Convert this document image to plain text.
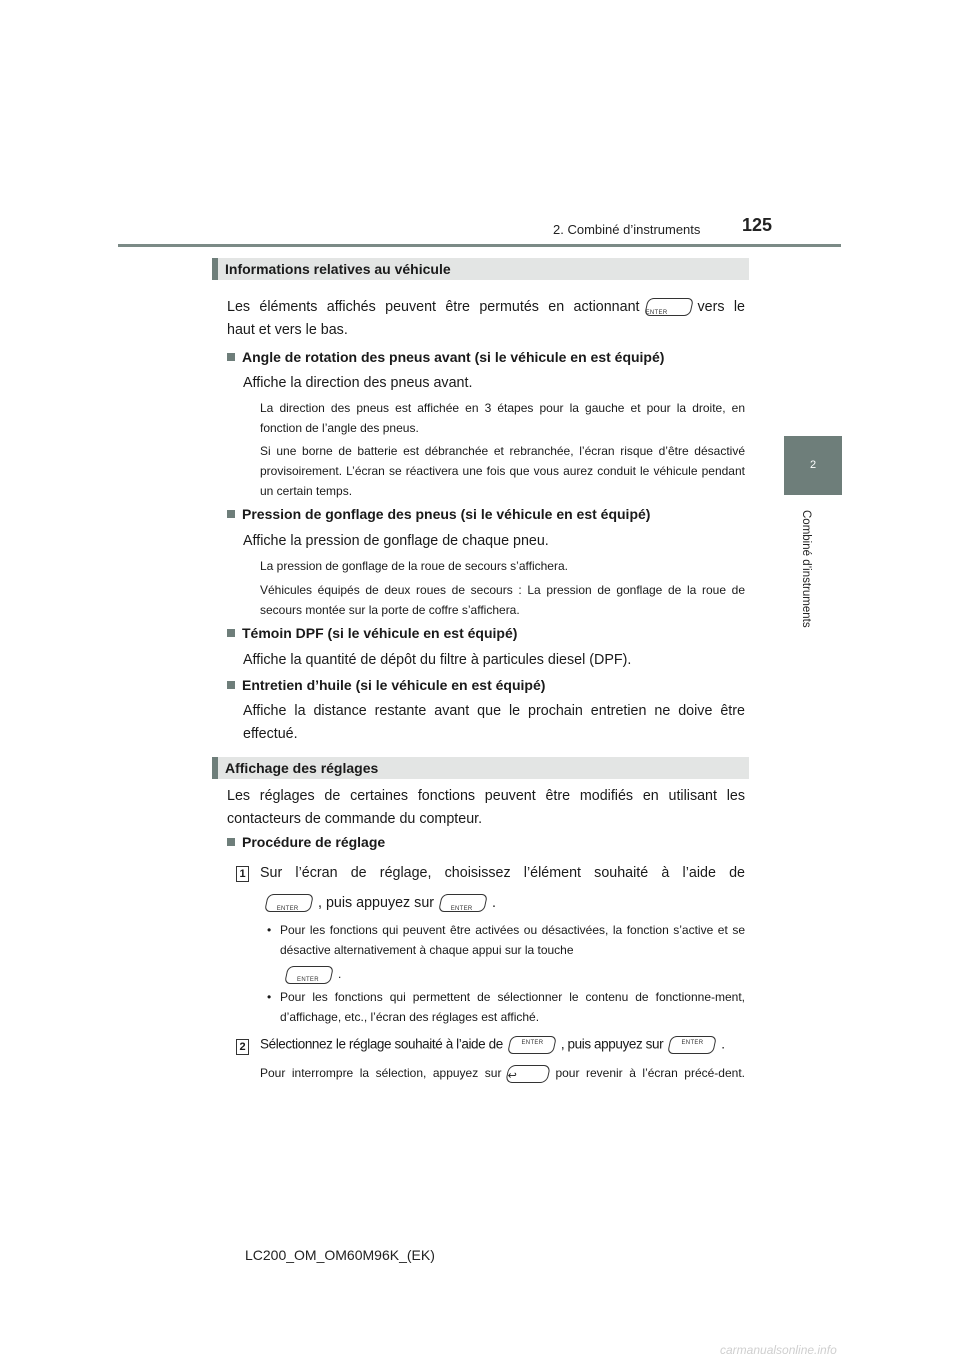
2. Combiné d’instruments 125
2
Combiné d’instruments
Informations relatives au véhicule
Les éléments affichés peuvent être permutés en actionnant ENTER	vers le
haut et vers le bas.
Angle de rotation des pneus avant (si le véhicule en est équipé)
Affiche la direction des pneus avant.
La direction des pneus est affichée en 3 étapes pour la gauche et pour la droite, en fonction de l’angle des pneus.
Si une borne de batterie est débranchée et rebranchée, l’écran risque d’être désactivé provisoirement. L’écran se réactivera une fois que vous aurez conduit le véhicule pendant un certain temps.
Pression de gonflage des pneus (si le véhicule en est équipé)
Affiche la pression de gonflage de chaque pneu.
La pression de gonflage de la roue de secours s’affichera.
Véhicules équipés de deux roues de secours : La pression de gonflage de la roue de secours montée sur la porte de coffre s’affichera.
Témoin DPF (si le véhicule en est équipé)
Affiche la quantité de dépôt du filtre à particules diesel (DPF).
Entretien d’huile (si le véhicule en est équipé)
Affiche la distance restante avant que le prochain entretien ne doive être effectué.
Affichage des réglages
Les réglages de certaines fonctions peuvent être modifiés en utilisant les contacteurs de commande du compteur.
Procédure de réglage
1 Sur l’écran de réglage, choisissez l’élément souhaité à l’aide de
ENTER	, puis appuyez sur	ENTER	.
• Pour les fonctions qui peuvent être activées ou désactivées, la fonction s’active et se désactive alternativement à chaque appui sur la touche
ENTER	.
• Pour les fonctions qui permettent de sélectionner le contenu de fonctionne-ment, d’affichage, etc., l’écran des réglages est affiché.
2 Sélectionnez le réglage souhaité à l’aide de	ENTER	, puis appuyez sur	ENTER	.
Pour interrompre la sélection, appuyez sur ↩	pour revenir à l’écran précé-dent.
LC200_OM_OM60M96K_(EK)
carmanualsonline.info
